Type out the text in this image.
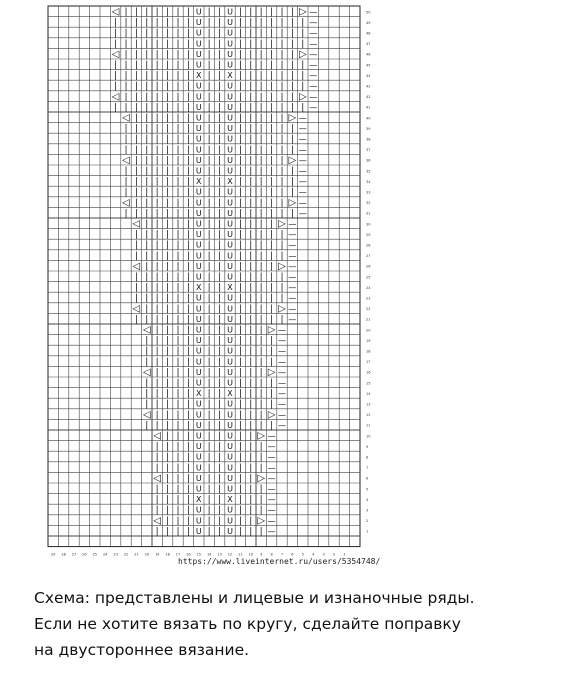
◁ | | | | | | | U | | U | | | | | | ▷ —
| | | | | | | | U | | U | | | | | | | —
| | | | | | | | U | | U | | | | | | | —
| | | | | | | | U | | U | | | | | | | —
◁ | | | | | | | U | | U | | | | | | ▷ —
| | | | | | | | U | | U | | | | | | | —
| | | | | | | | X | | X | | | | | | | —
| | | | | | | | U | | U | | | | | | | —
◁ | | | | | | | U | | U | | | | | | ▷ —
| | | | | | | | U | | U | | | | | | | —
◁ | | | | | | U | | U | | | | | ▷ —
| | | | | | | U | | U | | | | | | —
| | | | | | | U | | U | | | | | | —
| | | | | | | U | | U | | | | | | —
◁ | | | | | | U | | U | | | | | ▷ —
| | | | | | | U | | U | | | | | | —
| | | | | | | X | | X | | | | | | —
| | | | | | | U | | U | | | | | | —
◁ | | | | | | U | | U | | | | | ▷ —
| | | | | | | U | | U | | | | | | —
◁ | | | | | U | | U | | | | ▷ —
| | | | | | U | | U | | | | | —
| | | | | | U | | U | | | | | —
| | | | | | U | | U | | | | | —
◁ | | | | | U | | U | | | | ▷ —
| | | | | | U | | U | | | | | —
| | | | | | X | | X | | | | | —
| | | | | | U | | U | | | | | —
◁ | | | | | U | | U | | | | ▷ —
| | | | | | U | | U | | | | | —
◁ | | | | U | | U | | | ▷ —
| | | | | U | | U | | | | —
| | | | | U | | U | | | | —
| | | | | U | | U | | | | —
◁ | | | | U | | U | | | ▷ —
| | | | | U | | U | | | | —
| | | | | X | | X | | | | —
| | | | | U | | U | | | | —
◁ | | | | U | | U | | | ▷ —
| | | | | U | | U | | | | —
◁ | | | U | | U | | ▷ —
| | | | U | | U | | | —
| | | | U | | U | | | —
| | | | U | | U | | | —
◁ | | | U | | U | | ▷ —
| | | | U | | U | | | —
| | | | X | | X | | | —
| | | | U | | U | | | —
◁ | | | U | | U | | ▷ —
| | | | U | | U | | | —
50
49
48
47
46
45
44
43
42
41
40
39
38
37
36
35
34
33
32
31
30
29
28
27
26
25
24
23
22
21
20
19
18
17
16
15
14
13
12
11
10
9
8
7
6
5
4
3
2
1
29 28 27 26 25 24 23 22 21 20 19 18 17 16 15 14 13 12 11 10 9 8 7 6 5 4 3 2 1
https://www.liveinternet.ru/users/5354748/
Схема: представлены и лицевые и изнаночные ряды.
Если не хотите вязать по кругу, сделайте поправку
на двустороннее вязание.
